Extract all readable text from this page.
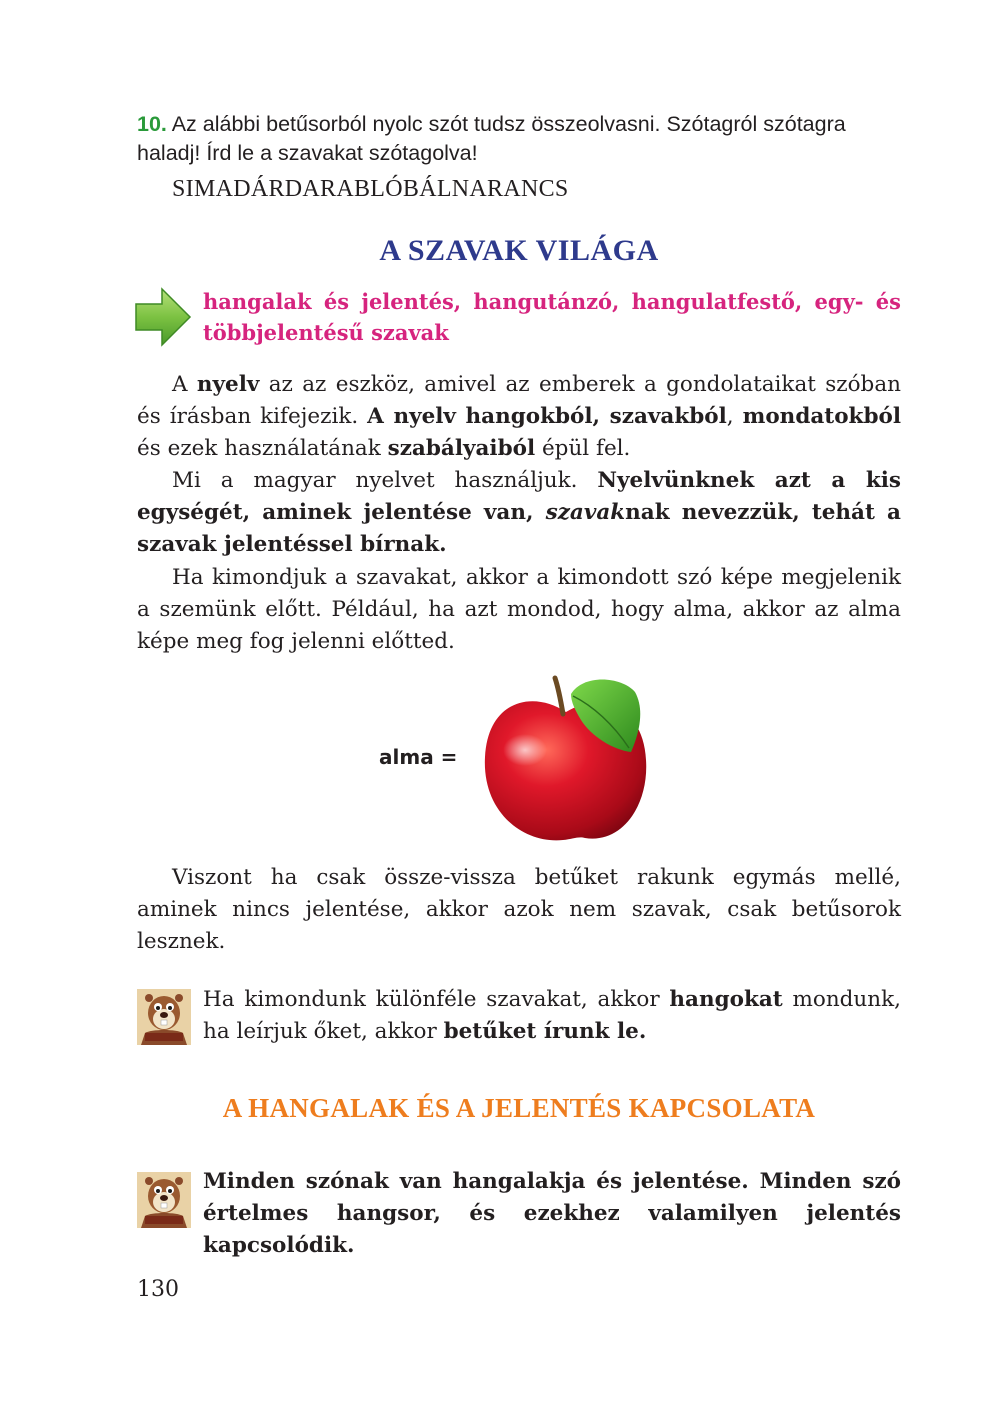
10. Az alábbi betűsorból nyolc szót tudsz összeolvasni. Szótagról szótagra haladj! Írd le a szavakat szótagolva!
SIMADÁRDARABLÓBÁLNARANCS
A SZAVAK VILÁGA
hangalak és jelentés, hangutánzó, hangulatfestő, egy- és többjelentésű szavak

A nyelv az az eszköz, amivel az emberek a gondolataikat szóban és írásban kifejezik. A nyelv hangokból, szavakból, mondatokból és ezek használatának szabályaiból épül fel.

Mi a magyar nyelvet használjuk. Nyelvünknek azt a kis egységét, aminek jelentése van, szavaknak nevezzük, tehát a szavak jelentéssel bírnak.

Ha kimondjuk a szavakat, akkor a kimondott szó képe megjelenik a szemünk előtt. Például, ha azt mondod, hogy alma, akkor az alma képe meg fog jelenni előtted.

alma =

Viszont ha csak össze-vissza betűket rakunk egymás mellé, aminek nincs jelentése, akkor azok nem szavak, csak betűsorok lesznek.

Ha kimondunk különféle szavakat, akkor hangokat mondunk, ha leírjuk őket, akkor betűket írunk le.
A HANGALAK ÉS A JELENTÉS KAPCSOLATA
Minden szónak van hangalakja és jelentése. Minden szó értelmes hangsor, és ezekhez valamilyen jelentés kapcsolódik.
130
